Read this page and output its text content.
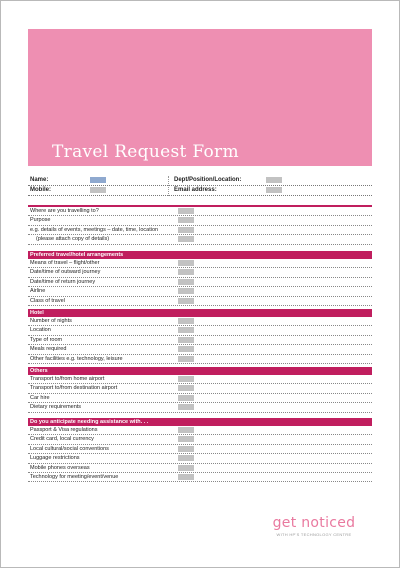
Travel Request Form
Name:	Dept/Position/Location:
Mobile:	Email address:
Where are you travelling to?
Purpose
e.g. details of events, meetings – date, time, location
(please attach copy of details)
Preferred travel/hotel arrangements
Means of travel – flight/other
Date/time of outward journey
Date/time of return journey
Airline
Class of travel
Hotel
Number of nights
Location
Type of room
Meals required
Other facilities e.g. technology, leisure
Others
Transport to/from home airport
Transport to/from destination airport
Car hire
Dietary requirements
Do you anticipate needing assistance with. . .
Passport & Visa regulations
Credit card, local currency
Local cultural/social conventions
Luggage restrictions
Mobile phones overseas
Technology for meeting/event/venue
get noticed
WITH HP'S TECHNOLOGY CENTRE
